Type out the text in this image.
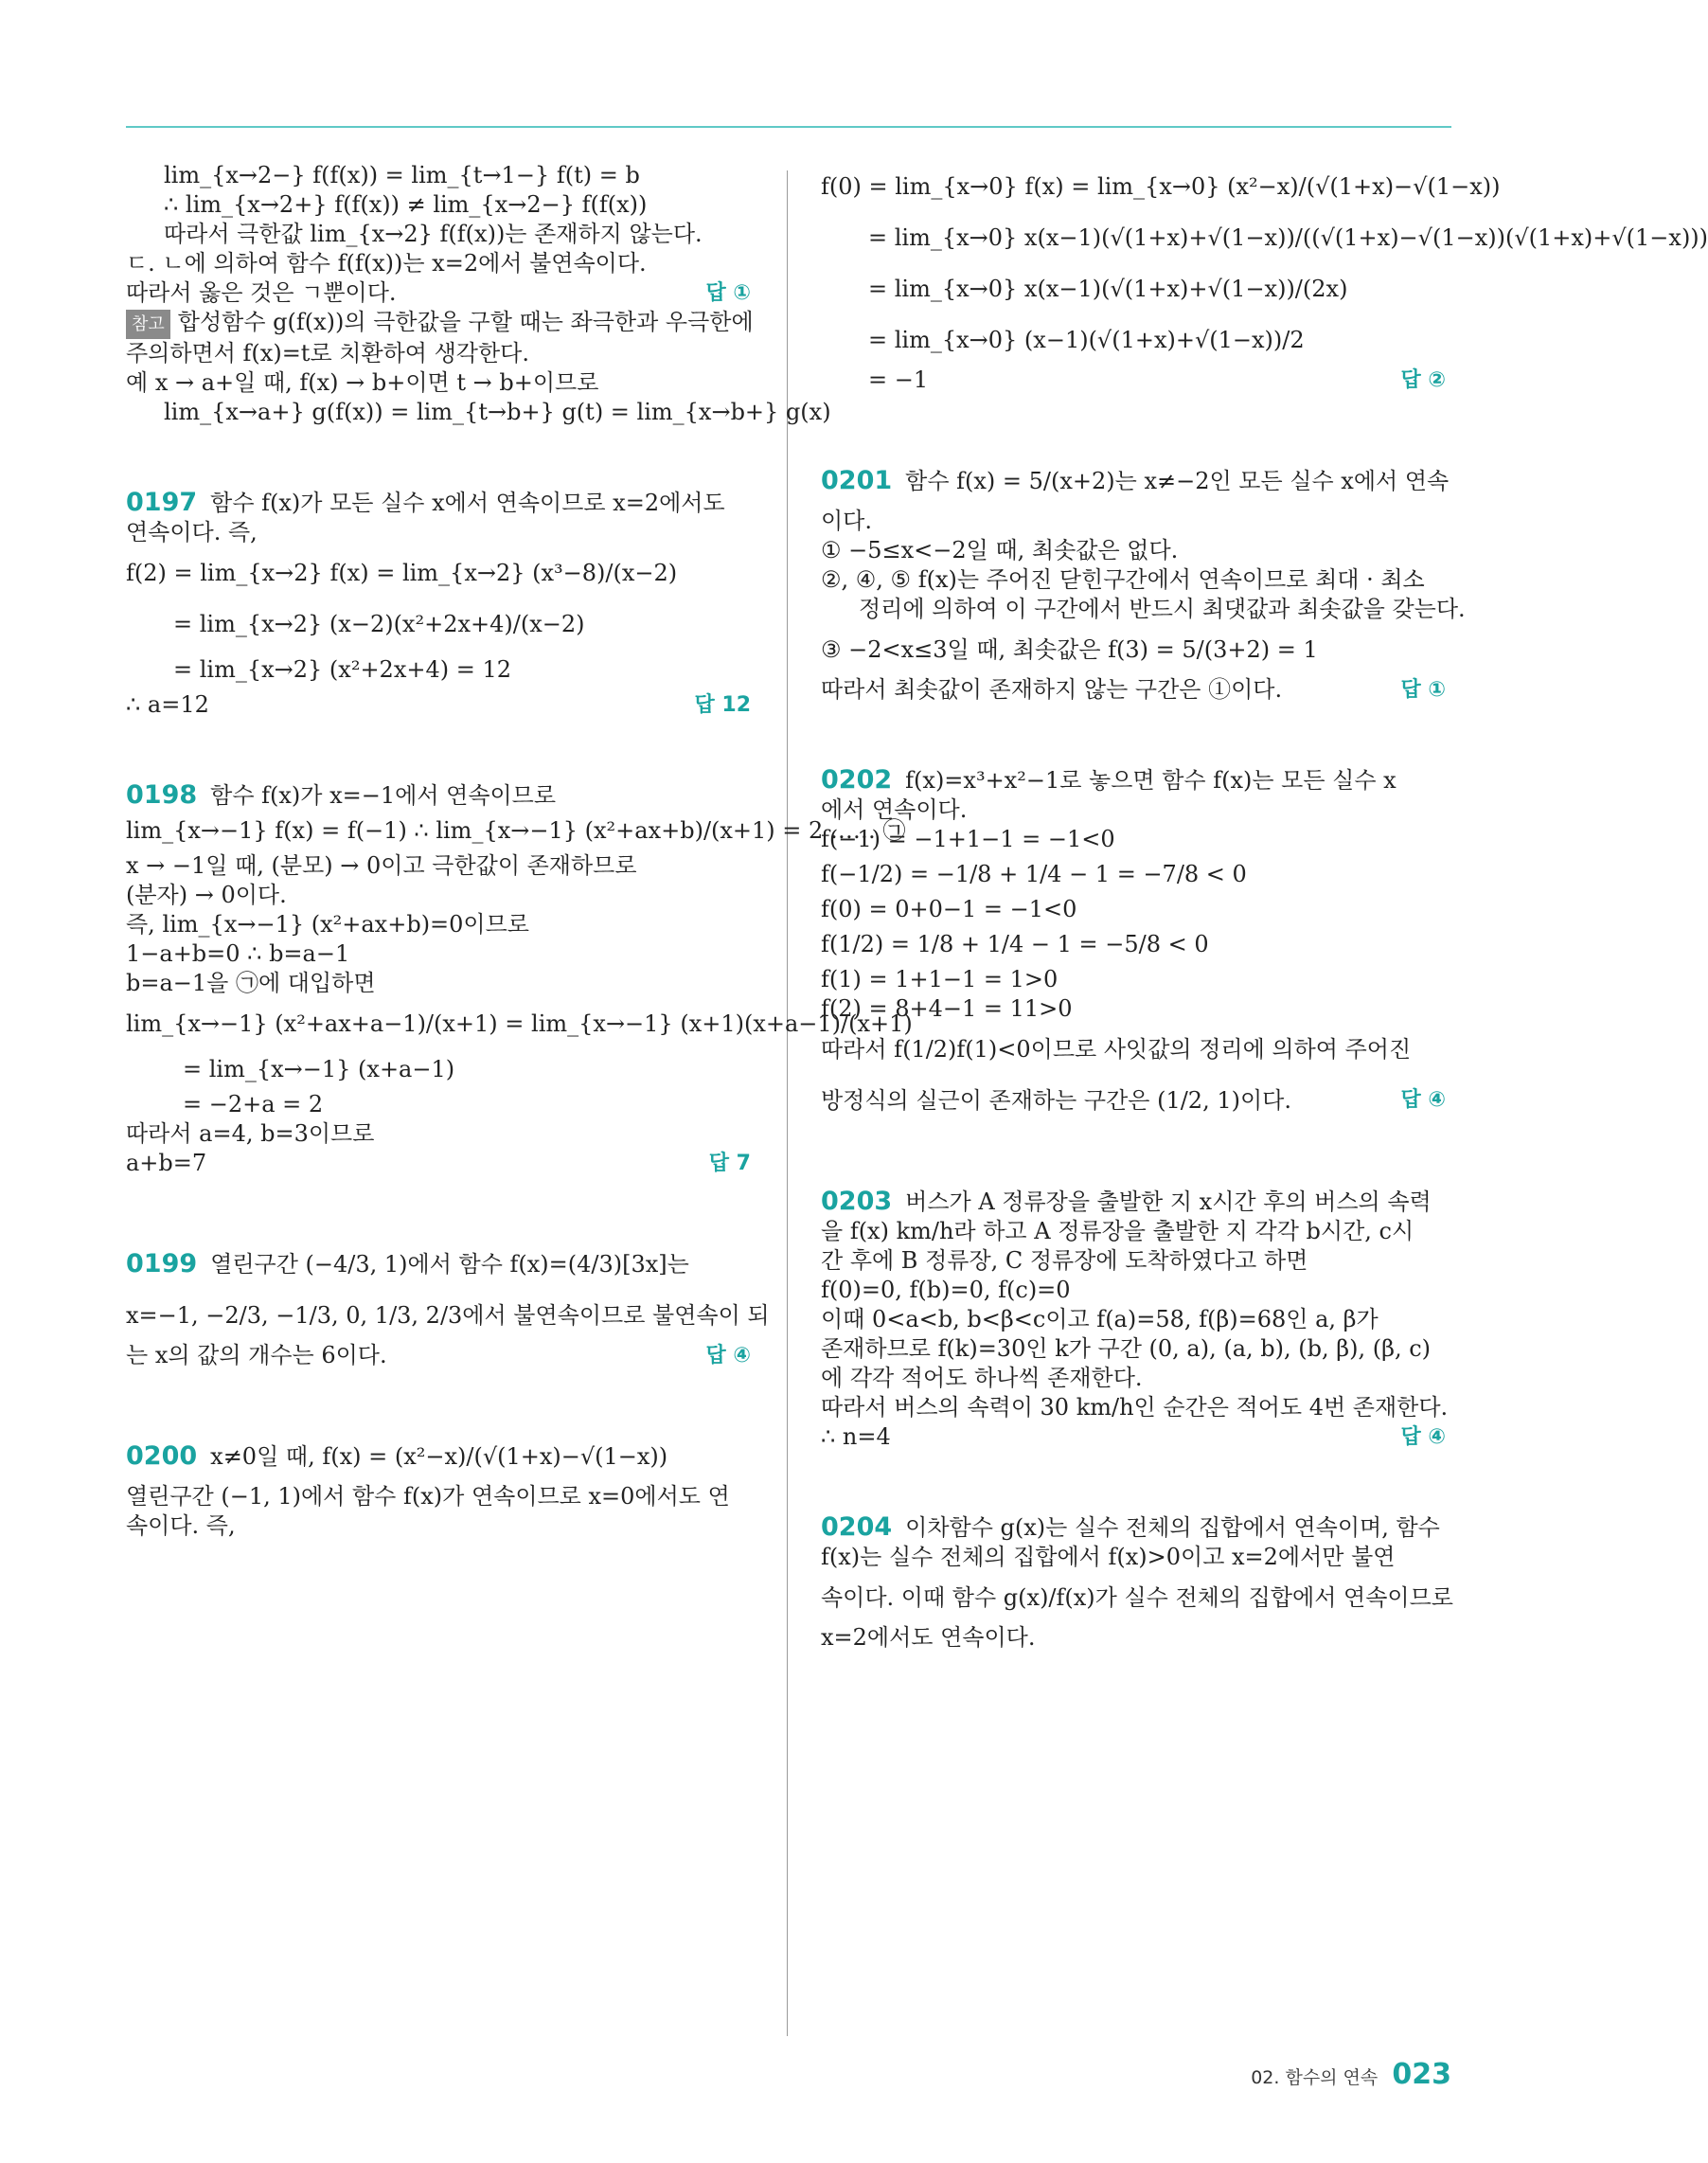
lim_{x→2−} f(f(x)) = lim_{t→1−} f(t) = b
∴ lim_{x→2+} f(f(x)) ≠ lim_{x→2−} f(f(x))
따라서 극한값 lim_{x→2} f(f(x))는 존재하지 않는다.
ㄷ. ㄴ에 의하여 함수 f(f(x))는 x=2에서 불연속이다.
따라서 옳은 것은 ㄱ뿐이다.	답 ①
참고 합성함수 g(f(x))의 극한값을 구할 때는 좌극한과 우극한에
주의하면서 f(x)=t로 치환하여 생각한다.
예 x → a+일 때, f(x) → b+이면 t → b+이므로
lim_{x→a+} g(f(x)) = lim_{t→b+} g(t) = lim_{x→b+} g(x)
0197 함수 f(x)가 모든 실수 x에서 연속이므로 x=2에서도
연속이다. 즉,
f(2) = lim_{x→2} f(x) = lim_{x→2} (x³−8)/(x−2)
= lim_{x→2} (x−2)(x²+2x+4)/(x−2)
= lim_{x→2} (x²+2x+4) = 12
∴ a=12	답 12
0198 함수 f(x)가 x=−1에서 연속이므로
lim_{x→−1} f(x) = f(−1) ∴ lim_{x→−1} (x²+ax+b)/(x+1) = 2 …… ㉠
x → −1일 때, (분모) → 0이고 극한값이 존재하므로
(분자) → 0이다.
즉, lim_{x→−1} (x²+ax+b)=0이므로
1−a+b=0 ∴ b=a−1
b=a−1을 ㉠에 대입하면
lim_{x→−1} (x²+ax+a−1)/(x+1) = lim_{x→−1} (x+1)(x+a−1)/(x+1)
= lim_{x→−1} (x+a−1)
= −2+a = 2
따라서 a=4, b=3이므로
a+b=7	답 7
0199 열린구간 (−4/3, 1)에서 함수 f(x)=(4/3)[3x]는
x=−1, −2/3, −1/3, 0, 1/3, 2/3에서 불연속이므로 불연속이 되
는 x의 값의 개수는 6이다.	답 ④
0200 x≠0일 때, f(x) = (x²−x)/(√(1+x)−√(1−x))
열린구간 (−1, 1)에서 함수 f(x)가 연속이므로 x=0에서도 연
속이다. 즉,
f(0) = lim_{x→0} f(x) = lim_{x→0} (x²−x)/(√(1+x)−√(1−x))
= lim_{x→0} x(x−1)(√(1+x)+√(1−x))/((√(1+x)−√(1−x))(√(1+x)+√(1−x)))
= lim_{x→0} x(x−1)(√(1+x)+√(1−x))/(2x)
= lim_{x→0} (x−1)(√(1+x)+√(1−x))/2
= −1	답 ②
0201 함수 f(x) = 5/(x+2)는 x≠−2인 모든 실수 x에서 연속
이다.
① −5≤x<−2일 때, 최솟값은 없다.
②, ④, ⑤ f(x)는 주어진 닫힌구간에서 연속이므로 최대 · 최소
정리에 의하여 이 구간에서 반드시 최댓값과 최솟값을 갖는다.
③ −2<x≤3일 때, 최솟값은 f(3) = 5/(3+2) = 1
따라서 최솟값이 존재하지 않는 구간은 ①이다.	답 ①
0202 f(x)=x³+x²−1로 놓으면 함수 f(x)는 모든 실수 x
에서 연속이다.
f(−1) = −1+1−1 = −1<0
f(−1/2) = −1/8 + 1/4 − 1 = −7/8 < 0
f(0) = 0+0−1 = −1<0
f(1/2) = 1/8 + 1/4 − 1 = −5/8 < 0
f(1) = 1+1−1 = 1>0
f(2) = 8+4−1 = 11>0
따라서 f(1/2)f(1)<0이므로 사잇값의 정리에 의하여 주어진
방정식의 실근이 존재하는 구간은 (1/2, 1)이다.	답 ④
0203 버스가 A 정류장을 출발한 지 x시간 후의 버스의 속력
을 f(x) km/h라 하고 A 정류장을 출발한 지 각각 b시간, c시
간 후에 B 정류장, C 정류장에 도착하였다고 하면
f(0)=0, f(b)=0, f(c)=0
이때 0<a<b, b<β<c이고 f(a)=58, f(β)=68인 a, β가
존재하므로 f(k)=30인 k가 구간 (0, a), (a, b), (b, β), (β, c)
에 각각 적어도 하나씩 존재한다.
따라서 버스의 속력이 30 km/h인 순간은 적어도 4번 존재한다.
∴ n=4	답 ④
0204 이차함수 g(x)는 실수 전체의 집합에서 연속이며, 함수
f(x)는 실수 전체의 집합에서 f(x)>0이고 x=2에서만 불연
속이다. 이때 함수 g(x)/f(x)가 실수 전체의 집합에서 연속이므로
x=2에서도 연속이다.
02. 함수의 연속 023
